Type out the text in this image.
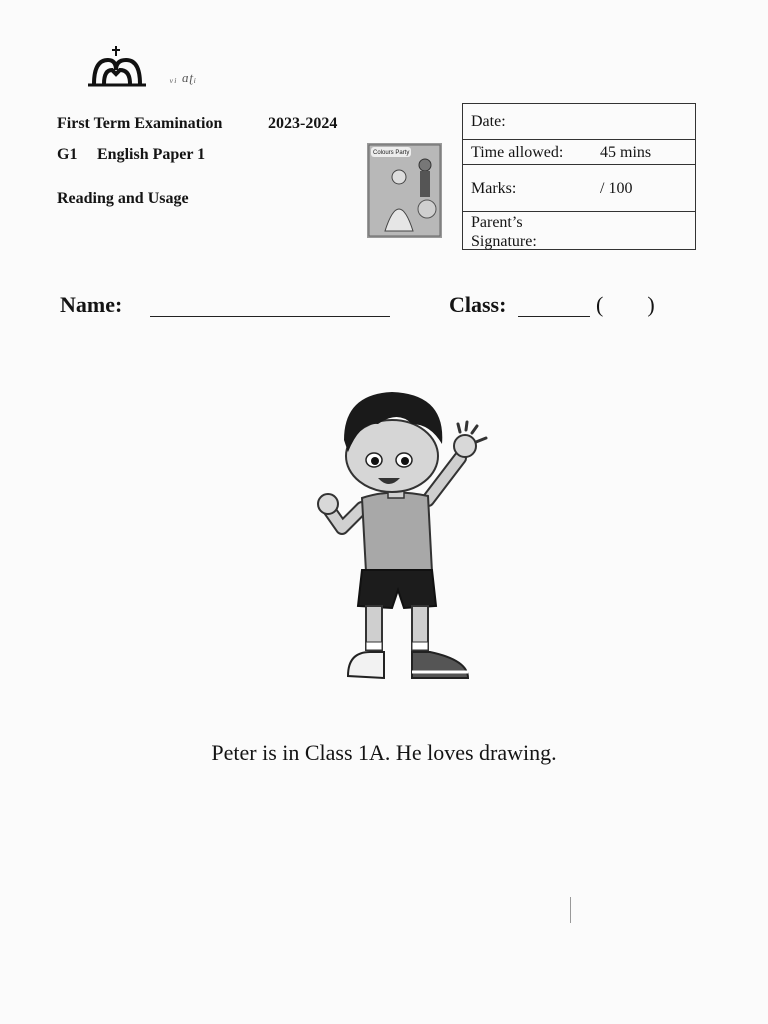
ᵥᵢ ɑʈᵢ
First Term Examination	2023-2024
G1 English Paper 1
Reading and Usage
Colours Party
Date:
Time allowed: 45 mins
Marks:	/ 100
Parent’s
Signature:
Name:	Class:	(        )
Peter is in Class 1A. He loves drawing.
